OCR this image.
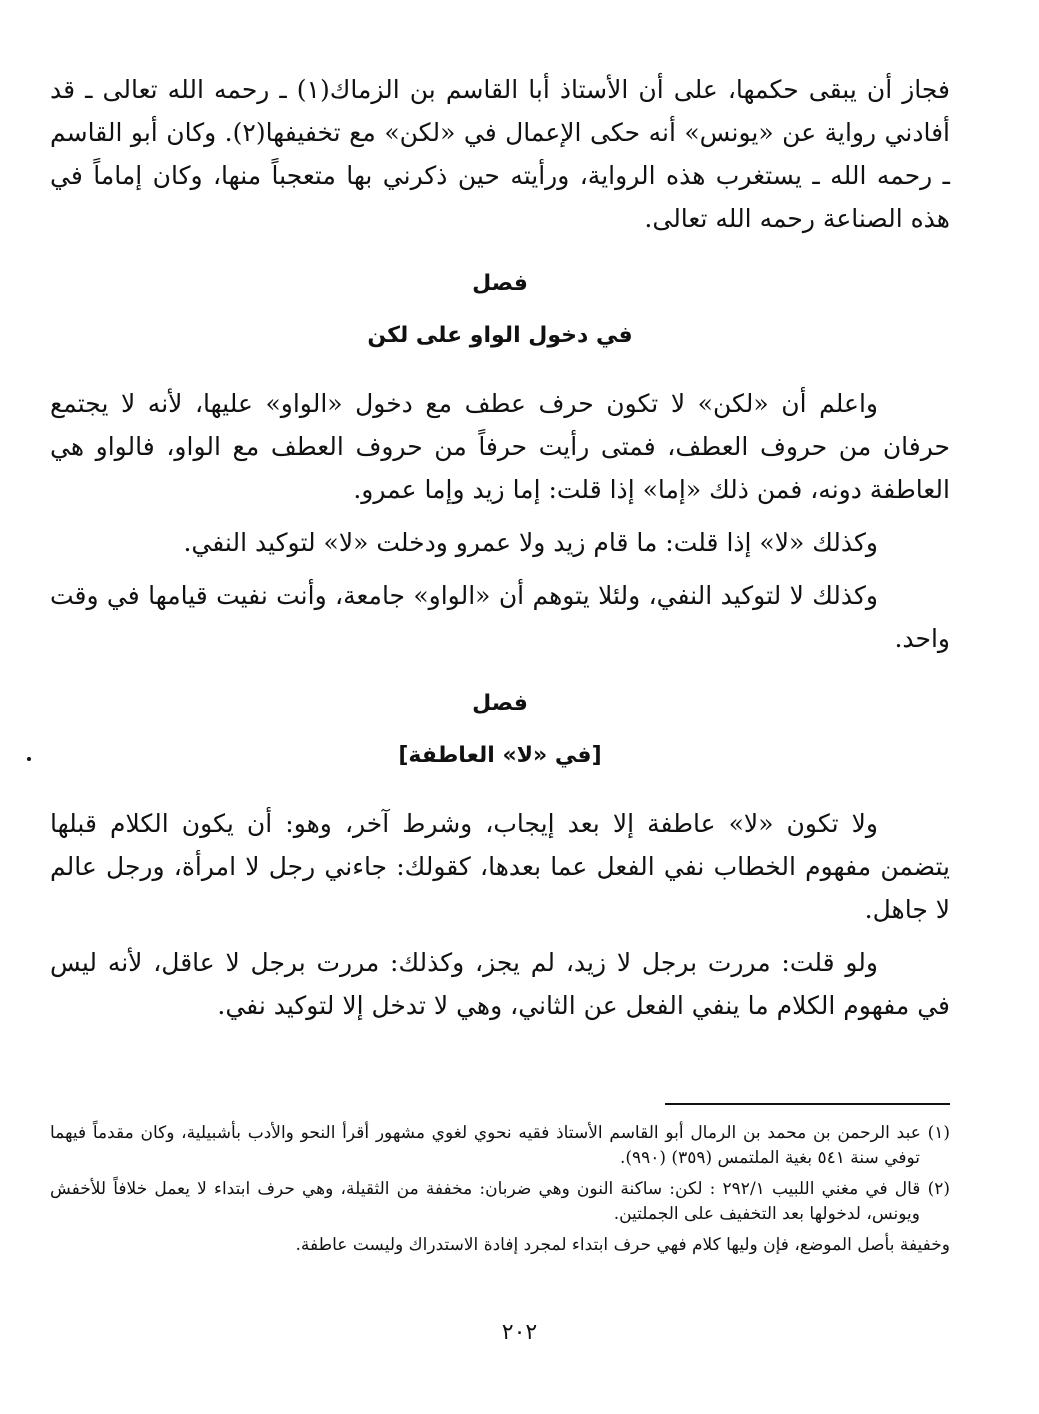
فجاز أن يبقى حكمها، على أن الأستاذ أبا القاسم بن الزماك(١) ـ رحمه الله تعالى ـ قد أفادني رواية عن «يونس» أنه حكى الإعمال في «لكن» مع تخفيفها(٢). وكان أبو القاسم ـ رحمه الله ـ يستغرب هذه الرواية، ورأيته حين ذكرني بها متعجباً منها، وكان إماماً في هذه الصناعة رحمه الله تعالى.

فصل

في دخول الواو على لكن

واعلم أن «لكن» لا تكون حرف عطف مع دخول «الواو» عليها، لأنه لا يجتمع حرفان من حروف العطف، فمتى رأيت حرفاً من حروف العطف مع الواو، فالواو هي العاطفة دونه، فمن ذلك «إما» إذا قلت: إما زيد وإما عمرو.

وكذلك «لا» إذا قلت: ما قام زيد ولا عمرو ودخلت «لا» لتوكيد النفي.

وكذلك لا لتوكيد النفي، ولئلا يتوهم أن «الواو» جامعة، وأنت نفيت قيامها في وقت واحد.

فصل

[في «لا» العاطفة]

ولا تكون «لا» عاطفة إلا بعد إيجاب، وشرط آخر، وهو: أن يكون الكلام قبلها يتضمن مفهوم الخطاب نفي الفعل عما بعدها، كقولك: جاءني رجل لا امرأة، ورجل عالم لا جاهل.

ولو قلت: مررت برجل لا زيد، لم يجز، وكذلك: مررت برجل لا عاقل، لأنه ليس في مفهوم الكلام ما ينفي الفعل عن الثاني، وهي لا تدخل إلا لتوكيد نفي.

(١) عبد الرحمن بن محمد بن الرمال أبو القاسم الأستاذ فقيه نحوي لغوي مشهور أقرأ النحو والأدب بأشبيلية، وكان مقدماً فيهما توفي سنة ٥٤١ بغية الملتمس (٣٥٩) (٩٩٠).

(٢) قال في مغني اللبيب ٢٩٢/١ : لكن: ساكنة النون وهي ضربان: مخففة من الثقيلة، وهي حرف ابتداء لا يعمل خلافاً للأخفش ويونس، لدخولها بعد التخفيف على الجملتين.

وخفيفة بأصل الموضع، فإن وليها كلام فهي حرف ابتداء لمجرد إفادة الاستدراك وليست عاطفة.

٢٠٢
